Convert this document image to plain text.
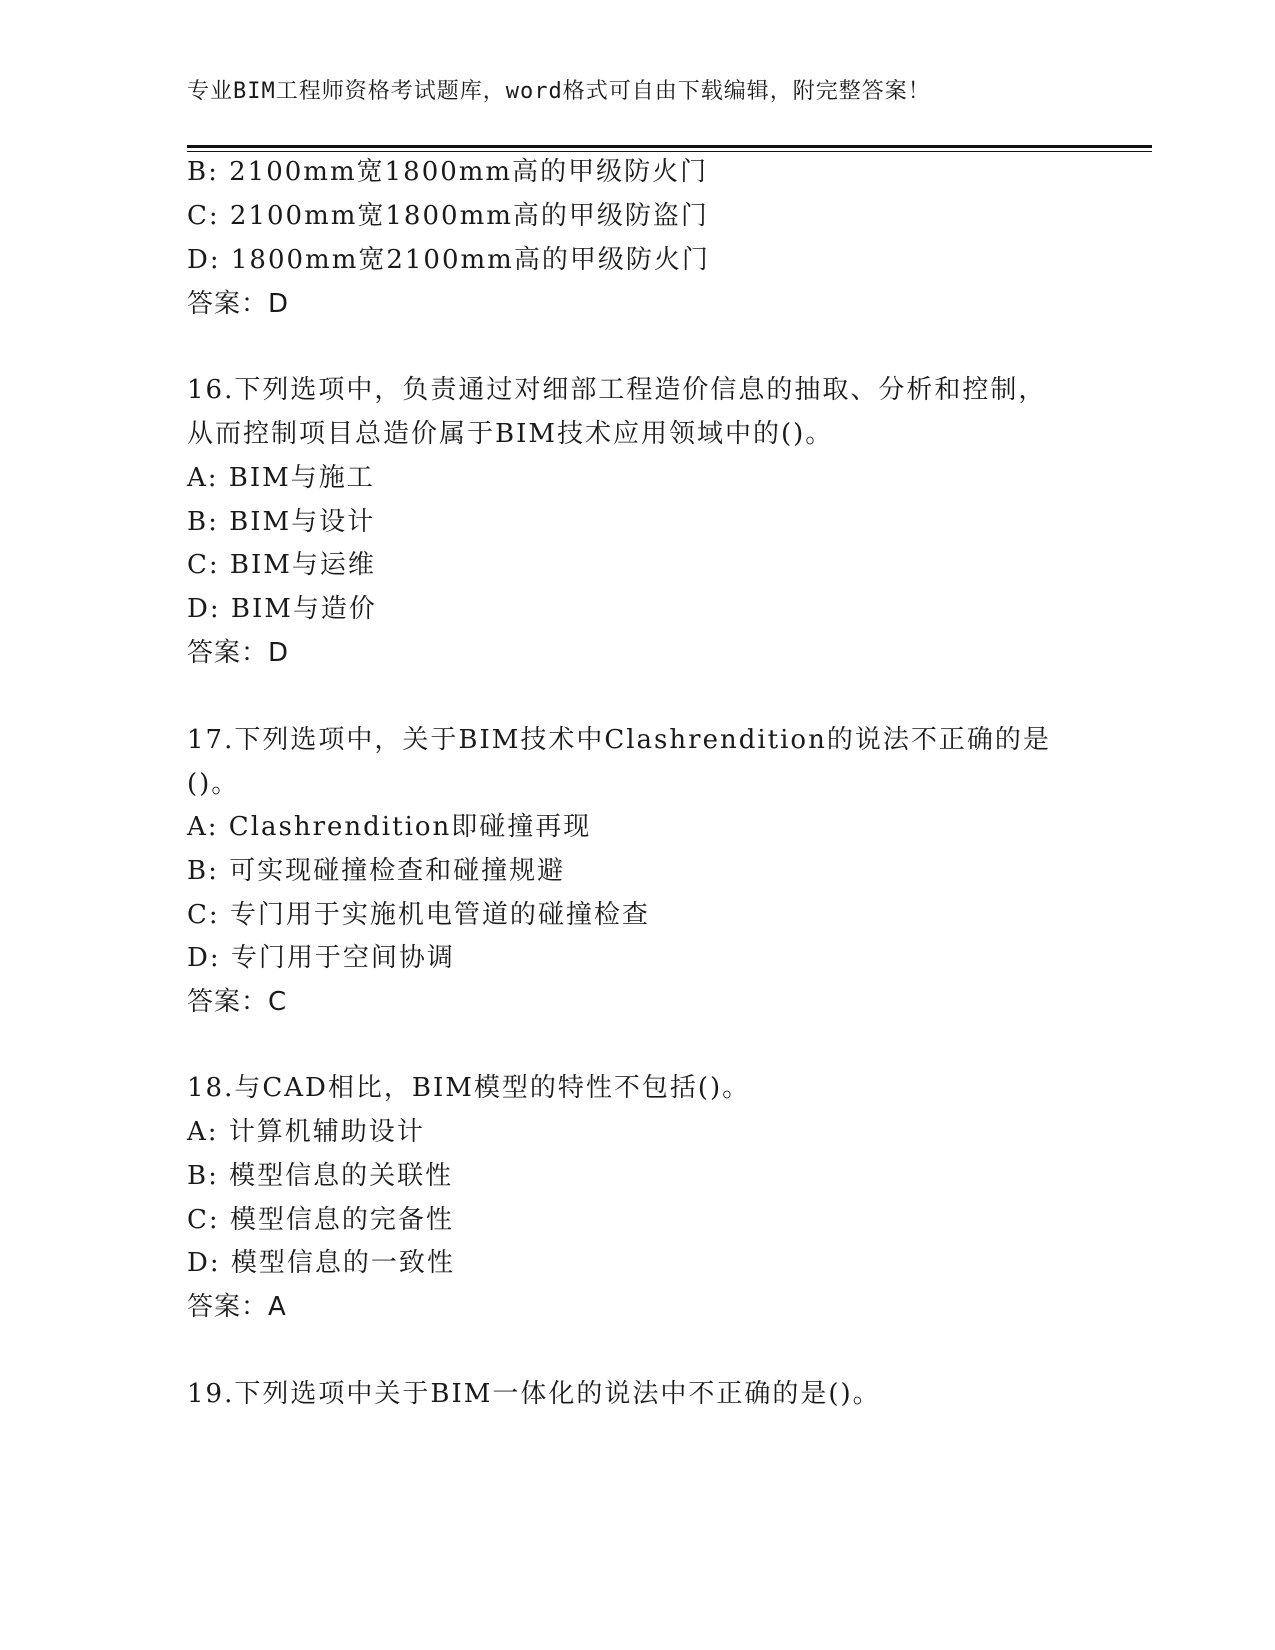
专业BIM工程师资格考试题库，word格式可自由下载编辑，附完整答案！
B: 2100mm宽1800mm高的甲级防火门
C: 2100mm宽1800mm高的甲级防盗门
D: 1800mm宽2100mm高的甲级防火门
答案：D
16.下列选项中，负责通过对细部工程造价信息的抽取、分析和控制，
从而控制项目总造价属于BIM技术应用领域中的()。
A: BIM与施工
B: BIM与设计
C: BIM与运维
D: BIM与造价
答案：D
17.下列选项中，关于BIM技术中Clashrendition的说法不正确的是
()。
A: Clashrendition即碰撞再现
B: 可实现碰撞检查和碰撞规避
C: 专门用于实施机电管道的碰撞检查
D: 专门用于空间协调
答案：C
18.与CAD相比，BIM模型的特性不包括()。
A: 计算机辅助设计
B: 模型信息的关联性
C: 模型信息的完备性
D: 模型信息的一致性
答案：A
19.下列选项中关于BIM一体化的说法中不正确的是()。
